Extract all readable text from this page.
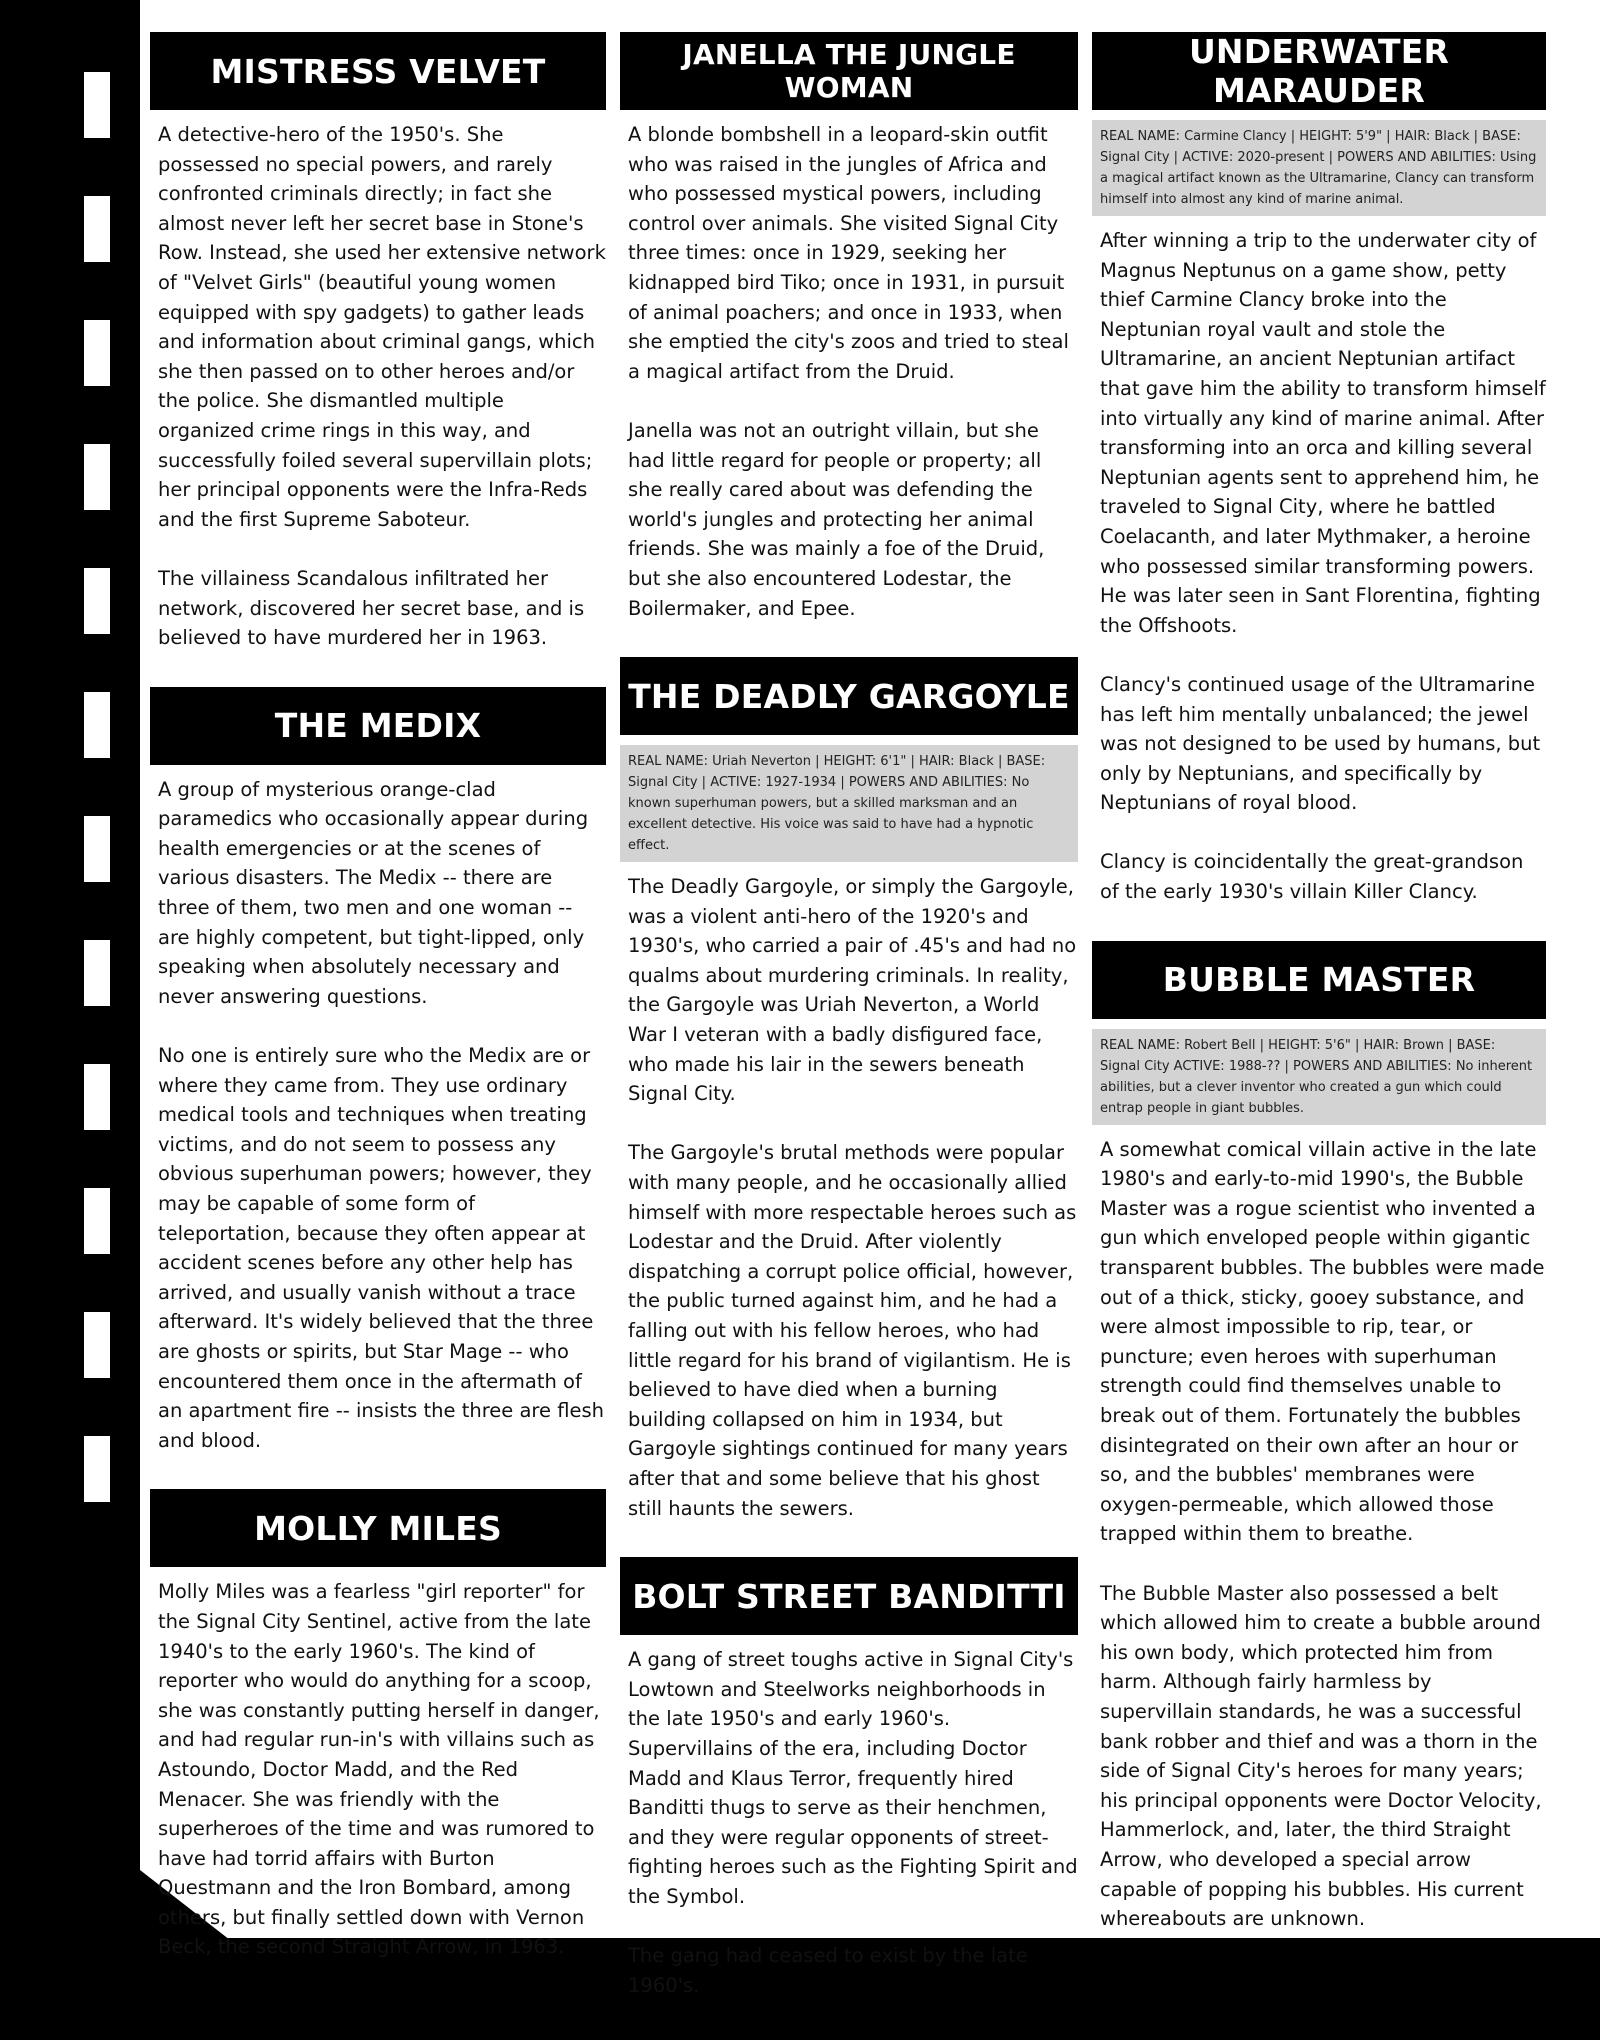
MISTRESS VELVET

A detective-hero of the 1950's. She possessed no special powers, and rarely confronted criminals directly; in fact she almost never left her secret base in Stone's Row. Instead, she used her extensive network of "Velvet Girls" (beautiful young women equipped with spy gadgets) to gather leads and information about criminal gangs, which she then passed on to other heroes and/or the police. She dismantled multiple organized crime rings in this way, and successfully foiled several supervillain plots; her principal opponents were the Infra-Reds and the first Supreme Saboteur.

The villainess Scandalous infiltrated her network, discovered her secret base, and is believed to have murdered her in 1963.

THE MEDIX

A group of mysterious orange-clad paramedics who occasionally appear during health emergencies or at the scenes of various disasters. The Medix -- there are three of them, two men and one woman -- are highly competent, but tight-lipped, only speaking when absolutely necessary and never answering questions.

No one is entirely sure who the Medix are or where they came from. They use ordinary medical tools and techniques when treating victims, and do not seem to possess any obvious superhuman powers; however, they may be capable of some form of teleportation, because they often appear at accident scenes before any other help has arrived, and usually vanish without a trace afterward. It's widely believed that the three are ghosts or spirits, but Star Mage -- who encountered them once in the aftermath of an apartment fire -- insists the three are flesh and blood.

MOLLY MILES

Molly Miles was a fearless "girl reporter" for the Signal City Sentinel, active from the late 1940's to the early 1960's. The kind of reporter who would do anything for a scoop, she was constantly putting herself in danger, and had regular run-in's with villains such as Astoundo, Doctor Madd, and the Red Menacer. She was friendly with the superheroes of the time and was rumored to have had torrid affairs with Burton Questmann and the Iron Bombard, among others, but finally settled down with Vernon Beck, the second Straight Arrow, in 1963.

JANELLA THE JUNGLE WOMAN

A blonde bombshell in a leopard-skin outfit who was raised in the jungles of Africa and who possessed mystical powers, including control over animals. She visited Signal City three times: once in 1929, seeking her kidnapped bird Tiko; once in 1931, in pursuit of animal poachers; and once in 1933, when she emptied the city's zoos and tried to steal a magical artifact from the Druid.

Janella was not an outright villain, but she had little regard for people or property; all she really cared about was defending the world's jungles and protecting her animal friends. She was mainly a foe of the Druid, but she also encountered Lodestar, the Boilermaker, and Epee.

THE DEADLY GARGOYLE
REAL NAME: Uriah Neverton | HEIGHT: 6'1" | HAIR: Black | BASE: Signal City | ACTIVE: 1927-1934 | POWERS AND ABILITIES: No known superhuman powers, but a skilled marksman and an excellent detective. His voice was said to have had a hypnotic effect.

The Deadly Gargoyle, or simply the Gargoyle, was a violent anti-hero of the 1920's and 1930's, who carried a pair of .45's and had no qualms about murdering criminals. In reality, the Gargoyle was Uriah Neverton, a World War I veteran with a badly disfigured face, who made his lair in the sewers beneath Signal City.

The Gargoyle's brutal methods were popular with many people, and he occasionally allied himself with more respectable heroes such as Lodestar and the Druid. After violently dispatching a corrupt police official, however, the public turned against him, and he had a falling out with his fellow heroes, who had little regard for his brand of vigilantism. He is believed to have died when a burning building collapsed on him in 1934, but Gargoyle sightings continued for many years after that and some believe that his ghost still haunts the sewers.

BOLT STREET BANDITTI

A gang of street toughs active in Signal City's Lowtown and Steelworks neighborhoods in the late 1950's and early 1960's. Supervillains of the era, including Doctor Madd and Klaus Terror, frequently hired Banditti thugs to serve as their henchmen, and they were regular opponents of street-fighting heroes such as the Fighting Spirit and the Symbol.

The gang had ceased to exist by the late 1960's.

UNDERWATER MARAUDER
REAL NAME: Carmine Clancy | HEIGHT: 5'9" | HAIR: Black | BASE: Signal City | ACTIVE: 2020-present | POWERS AND ABILITIES: Using a magical artifact known as the Ultramarine, Clancy can transform himself into almost any kind of marine animal.

After winning a trip to the underwater city of Magnus Neptunus on a game show, petty thief Carmine Clancy broke into the Neptunian royal vault and stole the Ultramarine, an ancient Neptunian artifact that gave him the ability to transform himself into virtually any kind of marine animal. After transforming into an orca and killing several Neptunian agents sent to apprehend him, he traveled to Signal City, where he battled Coelacanth, and later Mythmaker, a heroine who possessed similar transforming powers. He was later seen in Sant Florentina, fighting the Offshoots.

Clancy's continued usage of the Ultramarine has left him mentally unbalanced; the jewel was not designed to be used by humans, but only by Neptunians, and specifically by Neptunians of royal blood.

Clancy is coincidentally the great-grandson of the early 1930's villain Killer Clancy.

BUBBLE MASTER
REAL NAME: Robert Bell | HEIGHT: 5'6" | HAIR: Brown | BASE: Signal City ACTIVE: 1988-?? | POWERS AND ABILITIES: No inherent abilities, but a clever inventor who created a gun which could entrap people in giant bubbles.

A somewhat comical villain active in the late 1980's and early-to-mid 1990's, the Bubble Master was a rogue scientist who invented a gun which enveloped people within gigantic transparent bubbles. The bubbles were made out of a thick, sticky, gooey substance, and were almost impossible to rip, tear, or puncture; even heroes with superhuman strength could find themselves unable to break out of them. Fortunately the bubbles disintegrated on their own after an hour or so, and the bubbles' membranes were oxygen-permeable, which allowed those trapped within them to breathe.

The Bubble Master also possessed a belt which allowed him to create a bubble around his own body, which protected him from harm. Although fairly harmless by supervillain standards, he was a successful bank robber and thief and was a thorn in the side of Signal City's heroes for many years; his principal opponents were Doctor Velocity, Hammerlock, and, later, the third Straight Arrow, who developed a special arrow capable of popping his bubbles. His current whereabouts are unknown.
